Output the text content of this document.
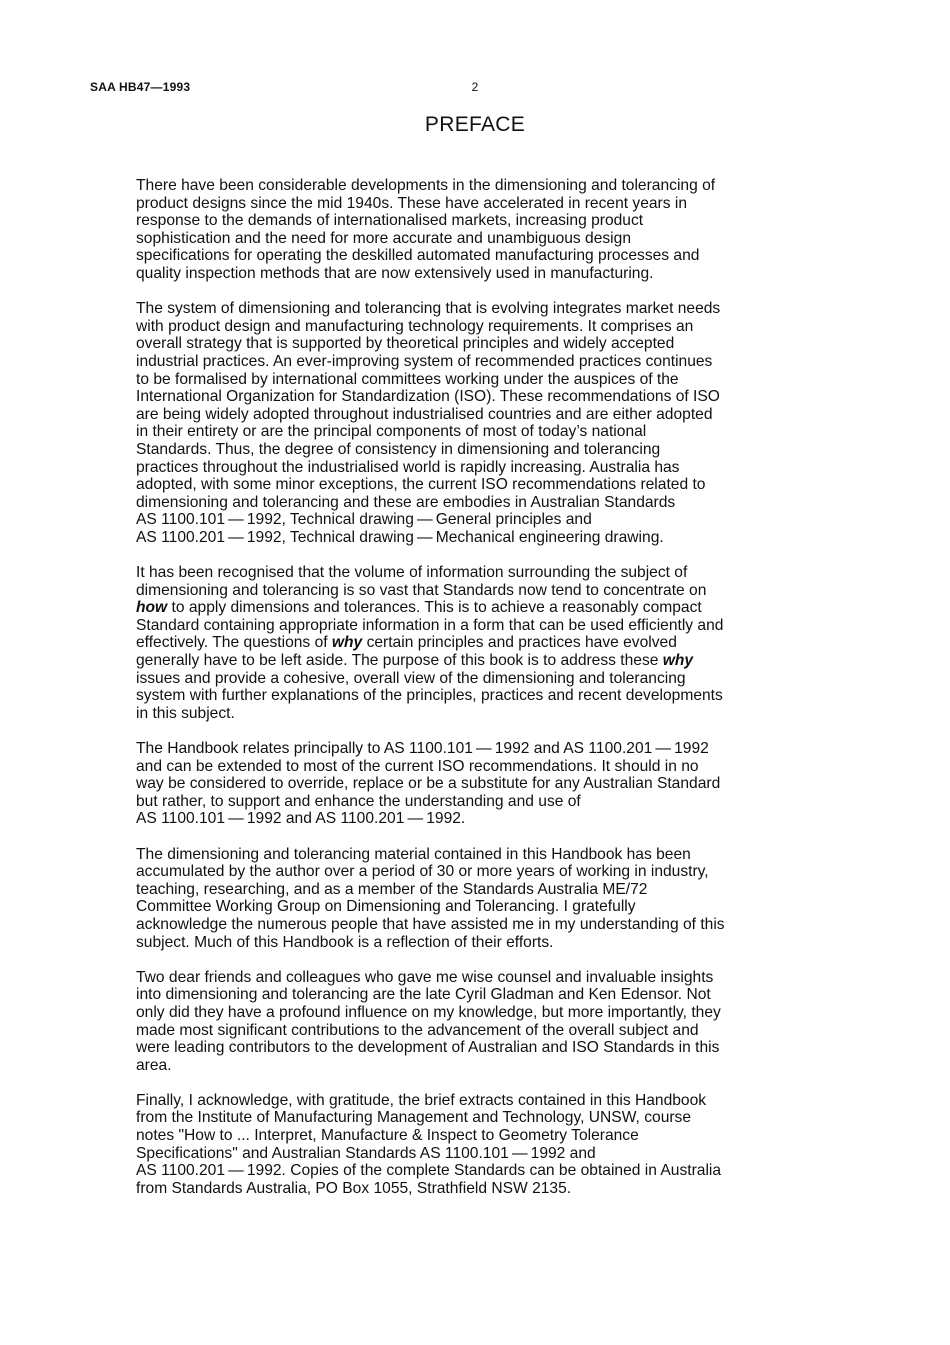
SAA HB47—1993	2
PREFACE
There have been considerable developments in the dimensioning and tolerancing of
product designs since the mid 1940s. These have accelerated in recent years in
response to the demands of internationalised markets, increasing product
sophistication and the need for more accurate and unambiguous design
specifications for operating the deskilled automated manufacturing processes and
quality inspection methods that are now extensively used in manufacturing.
The system of dimensioning and tolerancing that is evolving integrates market needs
with product design and manufacturing technology requirements. It comprises an
overall strategy that is supported by theoretical principles and widely accepted
industrial practices. An ever-improving system of recommended practices continues
to be formalised by international committees working under the auspices of the
International Organization for Standardization (ISO). These recommendations of ISO
are being widely adopted throughout industrialised countries and are either adopted
in their entirety or are the principal components of most of today’s national
Standards. Thus, the degree of consistency in dimensioning and tolerancing
practices throughout the industrialised world is rapidly increasing. Australia has
adopted, with some minor exceptions, the current ISO recommendations related to
dimensioning and tolerancing and these are embodies in Australian Standards
AS 1100.101 — 1992, Technical drawing — General principles and
AS 1100.201 — 1992, Technical drawing — Mechanical engineering drawing.
It has been recognised that the volume of information surrounding the subject of
dimensioning and tolerancing is so vast that Standards now tend to concentrate on
how to apply dimensions and tolerances. This is to achieve a reasonably compact
Standard containing appropriate information in a form that can be used efficiently and
effectively. The questions of why certain principles and practices have evolved
generally have to be left aside. The purpose of this book is to address these why
issues and provide a cohesive, overall view of the dimensioning and tolerancing
system with further explanations of the principles, practices and recent developments
in this subject.
The Handbook relates principally to AS 1100.101 — 1992 and AS 1100.201 — 1992
and can be extended to most of the current ISO recommendations. It should in no
way be considered to override, replace or be a substitute for any Australian Standard
but rather, to support and enhance the understanding and use of
AS 1100.101 — 1992 and AS 1100.201 — 1992.
The dimensioning and tolerancing material contained in this Handbook has been
accumulated by the author over a period of 30 or more years of working in industry,
teaching, researching, and as a member of the Standards Australia ME/72
Committee Working Group on Dimensioning and Tolerancing. I gratefully
acknowledge the numerous people that have assisted me in my understanding of this
subject. Much of this Handbook is a reflection of their efforts.
Two dear friends and colleagues who gave me wise counsel and invaluable insights
into dimensioning and tolerancing are the late Cyril Gladman and Ken Edensor. Not
only did they have a profound influence on my knowledge, but more importantly, they
made most significant contributions to the advancement of the overall subject and
were leading contributors to the development of Australian and ISO Standards in this
area.
Finally, I acknowledge, with gratitude, the brief extracts contained in this Handbook
from the Institute of Manufacturing Management and Technology, UNSW, course
notes "How to ... Interpret, Manufacture & Inspect to Geometry Tolerance
Specifications" and Australian Standards AS 1100.101 — 1992 and
AS 1100.201 — 1992. Copies of the complete Standards can be obtained in Australia
from Standards Australia, PO Box 1055, Strathfield NSW 2135.
